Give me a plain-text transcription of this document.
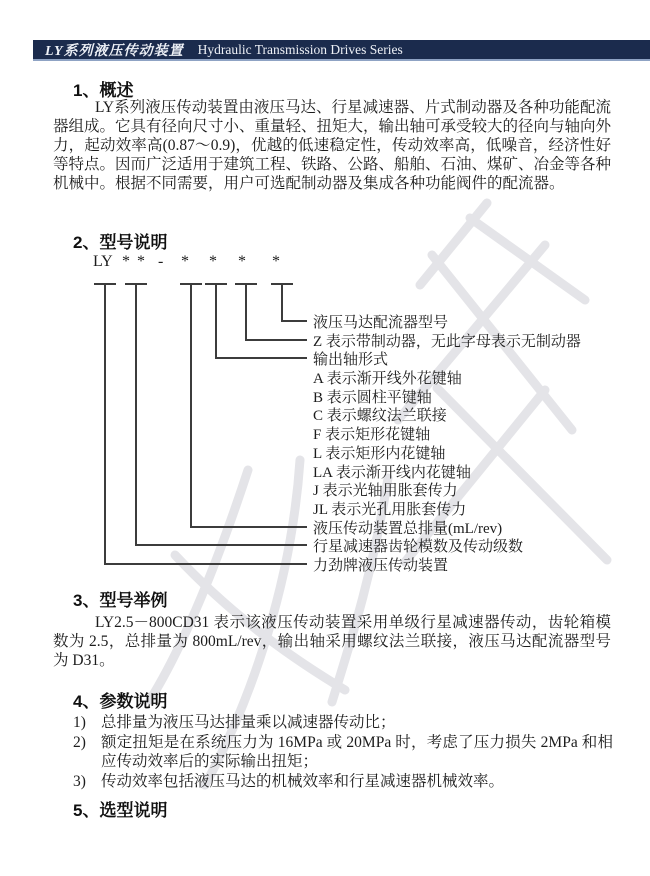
LY系列液压传动装置 Hydraulic Transmission Drives Series
1、概述
LY系列液压传动装置由液压马达、行星减速器、片式制动器及各种功能配流器组成。它具有径向尺寸小、重量轻、扭矩大，输出轴可承受较大的径向与轴向外力，起动效率高(0.87～0.9)，优越的低速稳定性，传动效率高，低噪音，经济性好等特点。因而广泛适用于建筑工程、铁路、公路、船舶、石油、煤矿、冶金等各种机械中。根据不同需要，用户可选配制动器及集成各种功能阀件的配流器。
2、型号说明
LY * * - * * * *
液压马达配流器型号
Z 表示带制动器，无此字母表示无制动器
输出轴形式
A 表示渐开线外花键轴
B 表示圆柱平键轴
C 表示螺纹法兰联接
F 表示矩形花键轴
L 表示矩形内花键轴
LA 表示渐开线内花键轴
J 表示光轴用胀套传力
JL 表示光孔用胀套传力
液压传动装置总排量(mL/rev)
行星减速器齿轮模数及传动级数
力劲牌液压传动装置
3、型号举例
LY2.5－800CD31 表示该液压传动装置采用单级行星减速器传动，齿轮箱模数为 2.5，总排量为 800mL/rev，输出轴采用螺纹法兰联接，液压马达配流器型号为 D31。
4、参数说明
1) 总排量为液压马达排量乘以减速器传动比；
2) 额定扭矩是在系统压力为 16MPa 或 20MPa 时，考虑了压力损失 2MPa 和相应传动效率后的实际输出扭矩；
3) 传动效率包括液压马达的机械效率和行星减速器机械效率。
5、选型说明
